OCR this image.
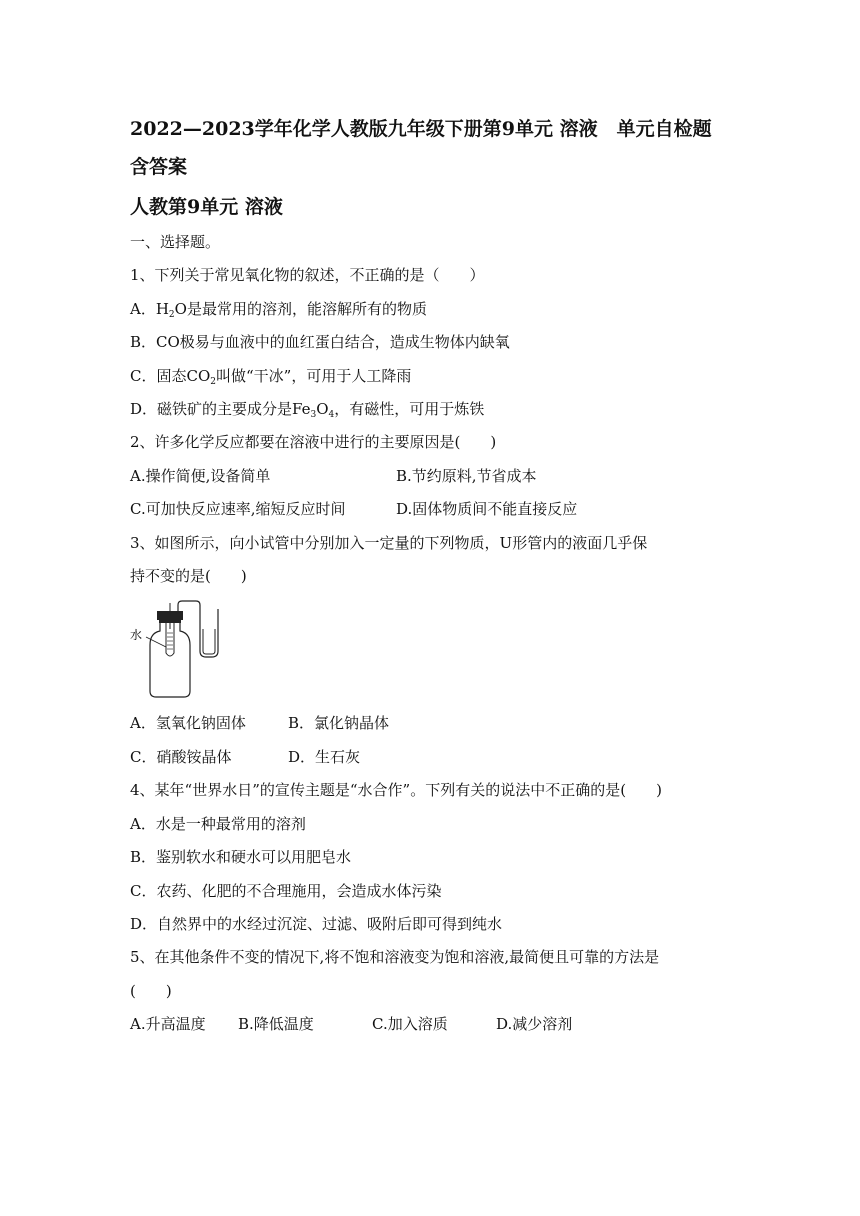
2022—2023学年化学人教版九年级下册第9单元 溶液　单元自检题
含答案
人教第9单元 溶液
一、选择题。
1、下列关于常见氧化物的叙述，不正确的是（　　）
A．$H_2O$是最常用的溶剂，能溶解所有的物质
B．CO极易与血液中的血红蛋白结合，造成生物体内缺氧
C．固态$CO_2$叫做“干冰”，可用于人工降雨
D．磁铁矿的主要成分是$Fe_3O_4$，有磁性，可用于炼铁
2、许多化学反应都要在溶液中进行的主要原因是(　　)
A.操作简便,设备简单	B.节约原料,节省成本
C.可加快反应速率,缩短反应时间	D.固体物质间不能直接反应
3、如图所示，向小试管中分别加入一定量的下列物质，U形管内的液面几乎保
持不变的是(　　)
水
A．氢氧化钠固体	B．氯化钠晶体
C．硝酸铵晶体	D．生石灰
4、某年“世界水日”的宣传主题是“水合作”。下列有关的说法中不正确的是(　　)
A．水是一种最常用的溶剂
B．鉴别软水和硬水可以用肥皂水
C．农药、化肥的不合理施用，会造成水体污染
D．自然界中的水经过沉淀、过滤、吸附后即可得到纯水
5、在其他条件不变的情况下,将不饱和溶液变为饱和溶液,最简便且可靠的方法是
(　　)
A.升高温度 B.降低温度	C.加入溶质	D.减少溶剂
